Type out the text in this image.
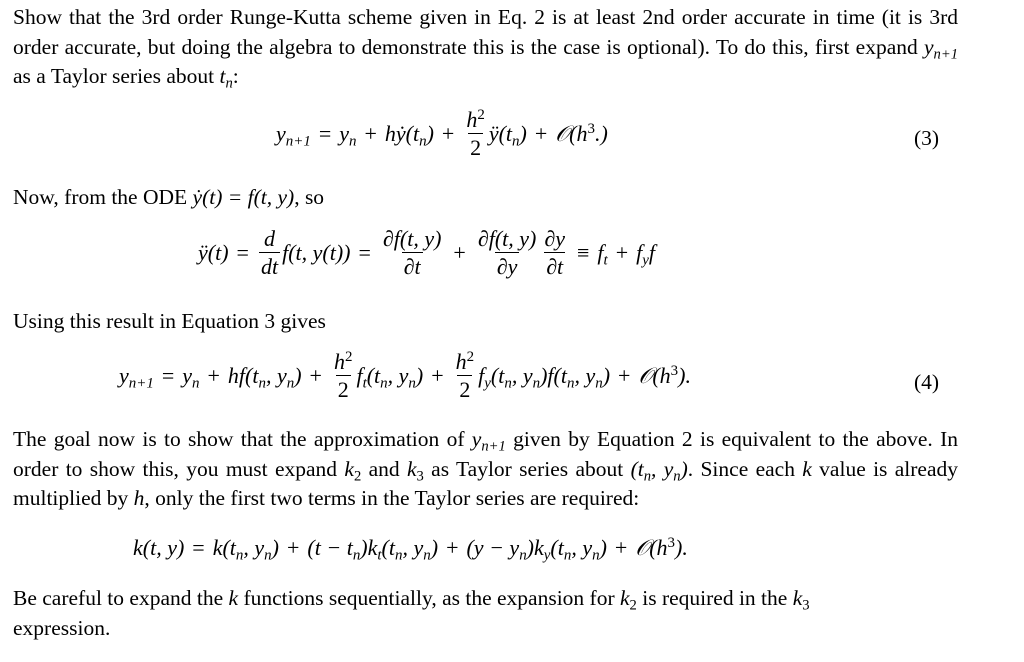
Show that the 3rd order Runge-Kutta scheme given in Eq. 2 is at least 2nd order accurate in time (it is 3rd order accurate, but doing the algebra to demonstrate this is the case is optional). To do this, first expand $y_{n+1}$ as a Taylor series about $t_n$:
$y_{n+1} = y_n$ + $hẏ(t_n) + \frac{h^2}{2}$ $ÿ(t_n)$ + $𝒪(h^3.)$	(3)
Now, from the ODE ẏ(t) = f(t, y), so
ÿ(t) = $\frac{d}{dt} f(t$, $y(t)) = \frac{\partial f(t, y)}{\partial t} + \frac{\partial f(t, y)}{\partial y} \frac{\partial y}{\partial t} \equiv f_t + f_yf$
Using this result in Equation 3 gives
$y_{n+1} = y_n + hf(t_n$, $y_n) + \frac{h^2}{2} f_t(t_n$, $y_n) + \frac{h^2}{2} f_y(t_n$, $y_n)f(t_n$, $y_n$) + $𝒪(h^3)$.	(4)
The goal now is to show that the approximation of $y_{n+1}$ given by Equation 2 is equivalent to the above. In order to show this, you must expand $k_2$ and $k_3$ as Taylor series about ($t_n$, $y_n$). Since each k value is already multiplied by h, only the first two terms in the Taylor series are required:
k(t, $y) = k(t_n$, $y_n) + (t - t_n)k_t(t_n$, $y_n) + (y - y_n)k_y(t_n$, $y_n$) + $𝒪(h^3)$.
Be careful to expand the k functions sequentially, as the expansion for $k_2$ is required in the $k_3$
expression.
